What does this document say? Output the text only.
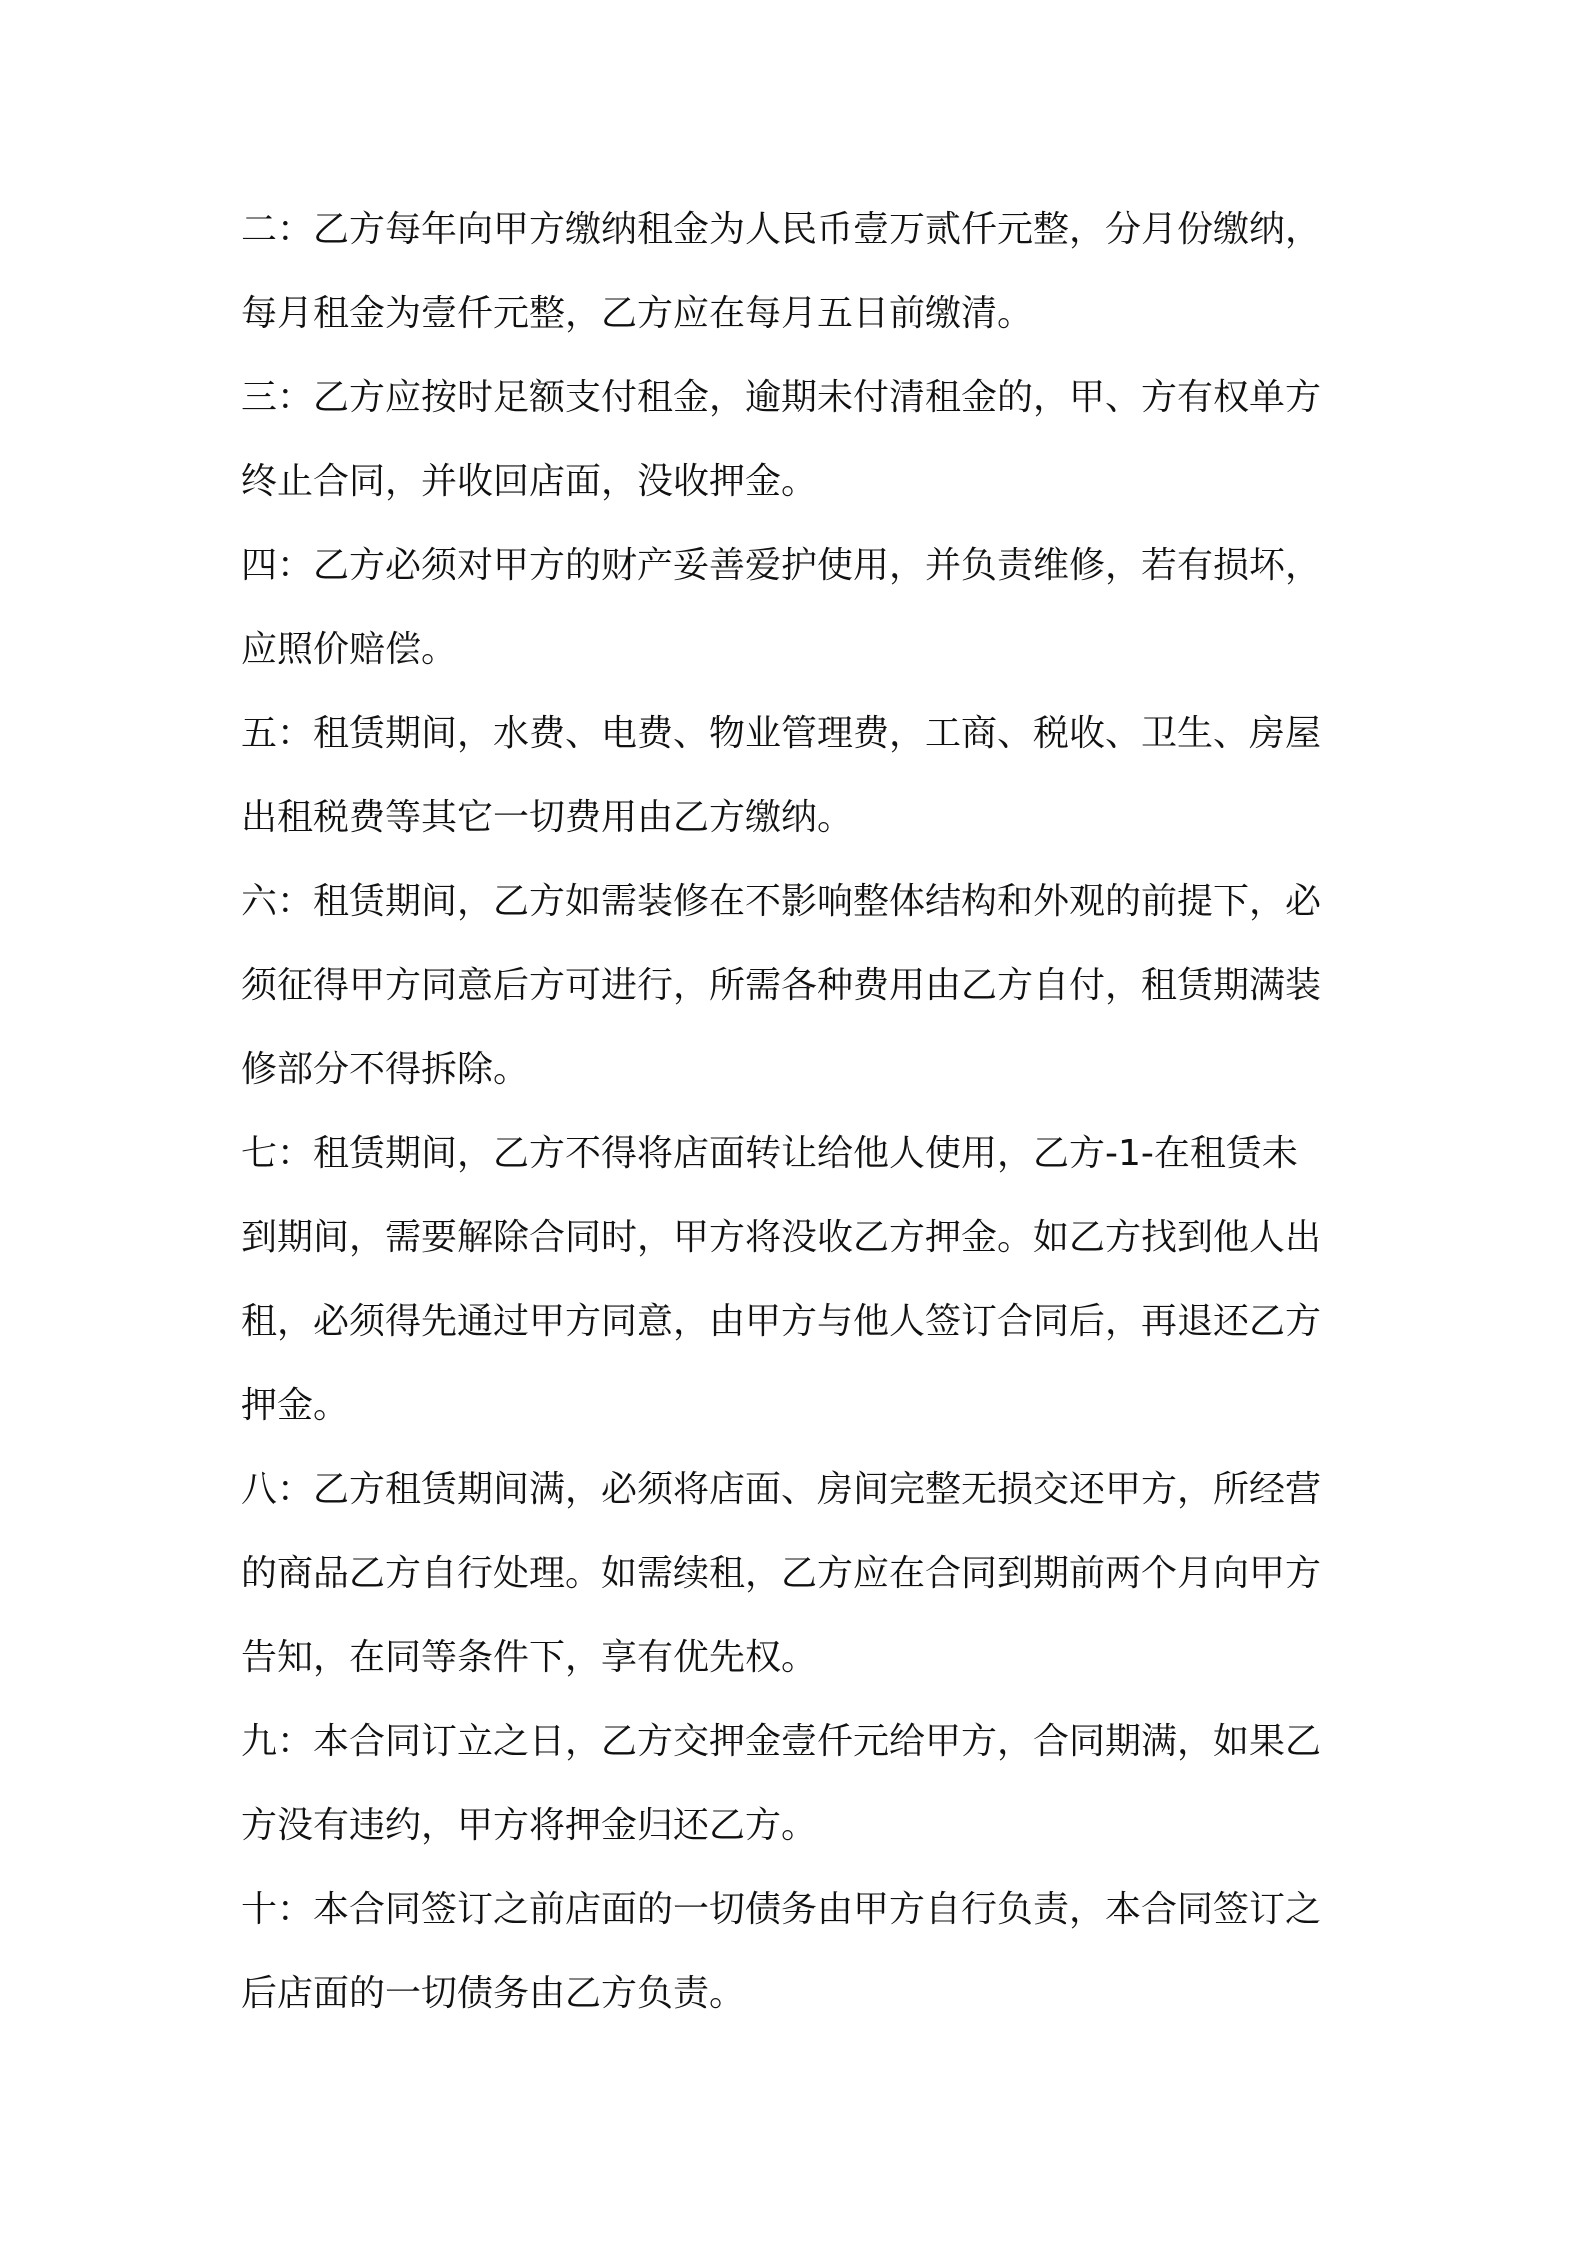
二：乙方每年向甲方缴纳租金为人民币壹万贰仟元整，分月份缴纳，
每月租金为壹仟元整，乙方应在每月五日前缴清。
三：乙方应按时足额支付租金，逾期未付清租金的，甲、方有权单方
终止合同，并收回店面，没收押金。
四：乙方必须对甲方的财产妥善爱护使用，并负责维修，若有损坏，
应照价赔偿。
五：租赁期间，水费、电费、物业管理费，工商、税收、卫生、房屋
出租税费等其它一切费用由乙方缴纳。
六：租赁期间，乙方如需装修在不影响整体结构和外观的前提下，必
须征得甲方同意后方可进行，所需各种费用由乙方自付，租赁期满装
修部分不得拆除。
七：租赁期间，乙方不得将店面转让给他人使用，乙方-1-在租赁未
到期间，需要解除合同时，甲方将没收乙方押金。如乙方找到他人出
租，必须得先通过甲方同意，由甲方与他人签订合同后，再退还乙方
押金。
八：乙方租赁期间满，必须将店面、房间完整无损交还甲方，所经营
的商品乙方自行处理。如需续租，乙方应在合同到期前两个月向甲方
告知，在同等条件下，享有优先权。
九：本合同订立之日，乙方交押金壹仟元给甲方，合同期满，如果乙
方没有违约，甲方将押金归还乙方。
十：本合同签订之前店面的一切债务由甲方自行负责，本合同签订之
后店面的一切债务由乙方负责。
